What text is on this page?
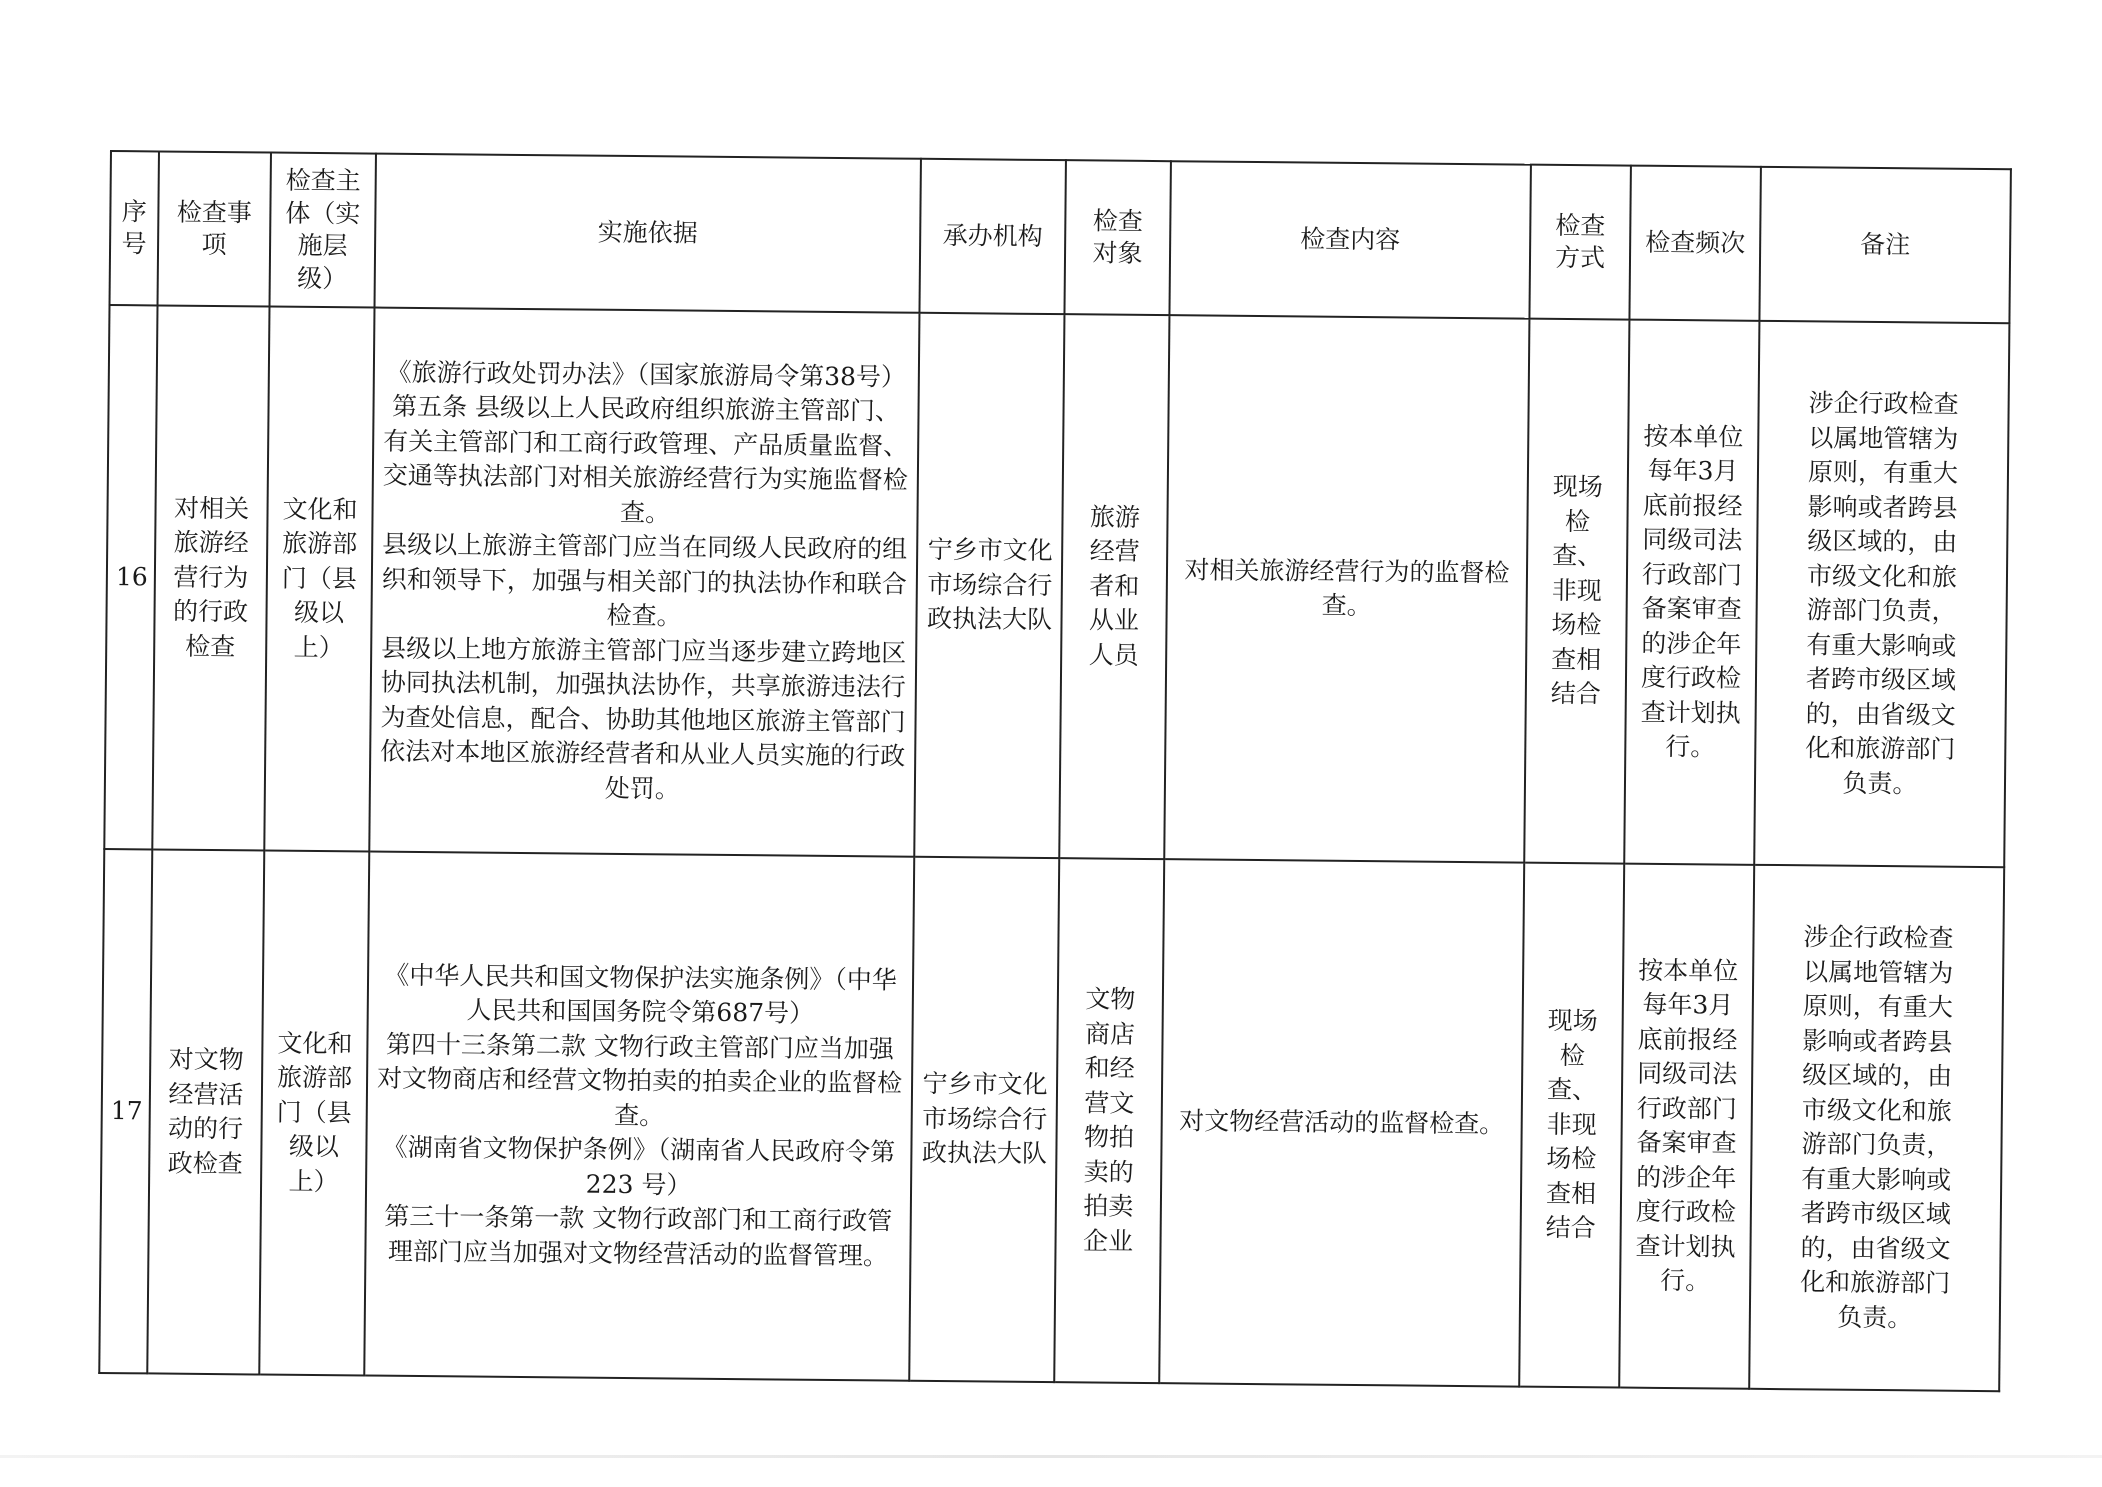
序号	检查事项	检查主体（实施层级）	实施依据	承办机构	检查对象	检查内容	检查方式	检查频次	备注
16	对相关旅游经营行为的行政检查	文化和旅游部门（县级以上）	《旅游行政处罚办法》（国家旅游局令第38号）

第五条 县级以上人民政府组织旅游主管部门、有关主管部门和工商行政管理、产品质量监督、交通等执法部门对相关旅游经营行为实施监督检查。

县级以上旅游主管部门应当在同级人民政府的组织和领导下，加强与相关部门的执法协作和联合检查。

县级以上地方旅游主管部门应当逐步建立跨地区协同执法机制，加强执法协作，共享旅游违法行为查处信息，配合、协助其他地区旅游主管部门依法对本地区旅游经营者和从业人员实施的行政处罚。	宁乡市文化市场综合行政执法大队	旅游经营者和从业人员	对相关旅游经营行为的监督检查。	现场检查、非现场检查相结合	按本单位每年3月底前报经同级司法行政部门备案审查的涉企年度行政检查计划执行。	涉企行政检查以属地管辖为原则，有重大影响或者跨县级区域的，由市级文化和旅游部门负责，有重大影响或者跨市级区域的，由省级文化和旅游部门负责。
17	对文物经营活动的行政检查	文化和旅游部门（县级以上）	《中华人民共和国文物保护法实施条例》（中华人民共和国国务院令第687号）

第四十三条第二款 文物行政主管部门应当加强对文物商店和经营文物拍卖的拍卖企业的监督检查。

《湖南省文物保护条例》（湖南省人民政府令第 223 号）

第三十一条第一款 文物行政部门和工商行政管理部门应当加强对文物经营活动的监督管理。	宁乡市文化市场综合行政执法大队	文物商店和经营文物拍卖的拍卖企业	对文物经营活动的监督检查。	现场检查、非现场检查相结合	按本单位每年3月底前报经同级司法行政部门备案审查的涉企年度行政检查计划执行。	涉企行政检查以属地管辖为原则，有重大影响或者跨县级区域的，由市级文化和旅游部门负责，有重大影响或者跨市级区域的，由省级文化和旅游部门负责。
